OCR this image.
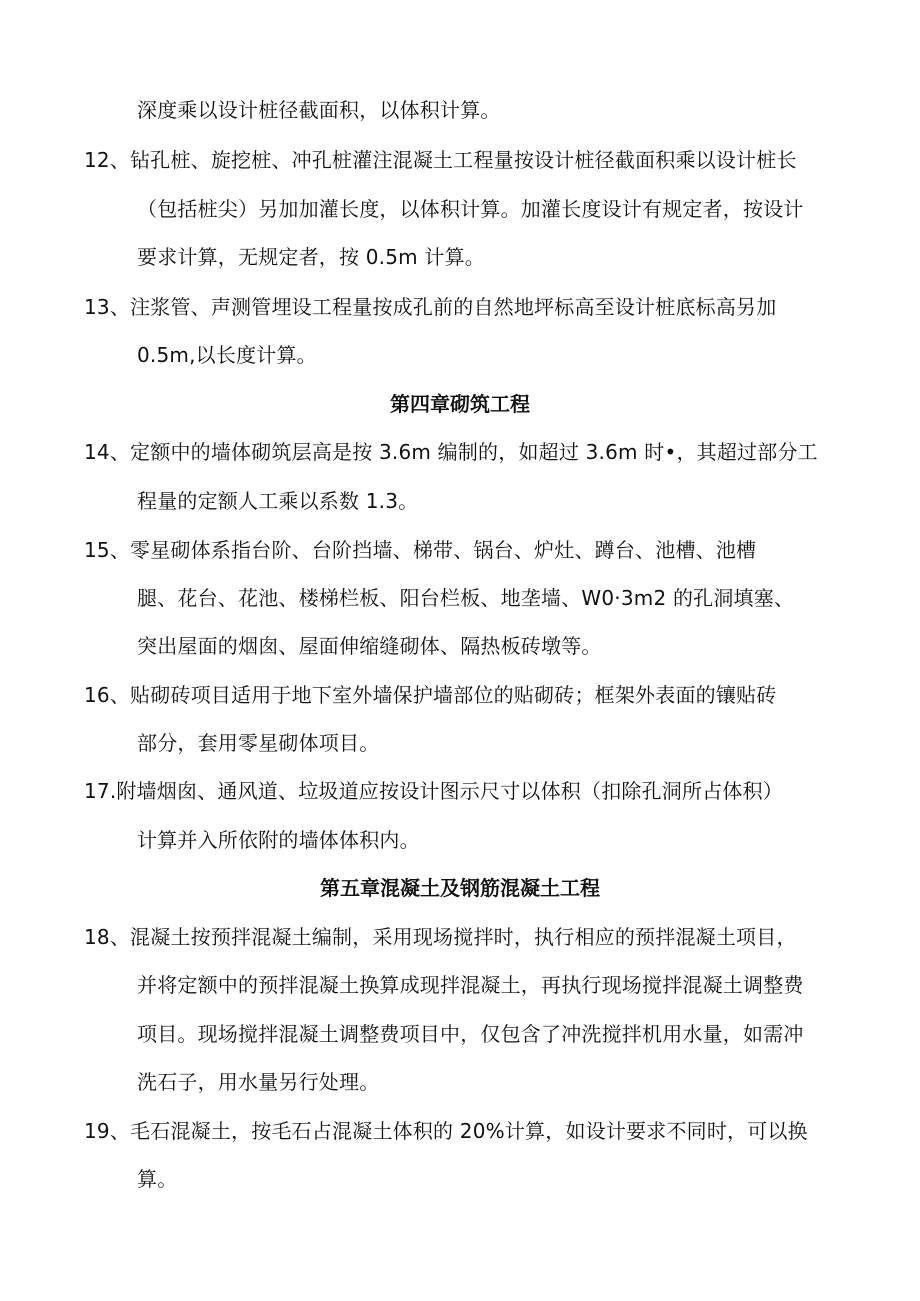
深度乘以设计桩径截面积，以体积计算。
12、钻孔桩、旋挖桩、冲孔桩灌注混凝土工程量按设计桩径截面积乘以设计桩长
（包括桩尖）另加加灌长度，以体积计算。加灌长度设计有规定者，按设计
要求计算，无规定者，按 0.5m 计算。
13、注浆管、声测管埋设工程量按成孔前的自然地坪标高至设计桩底标高另加
0.5m,以长度计算。
第四章砌筑工程
14、定额中的墙体砌筑层高是按 3.6m 编制的，如超过 3.6m 时•，其超过部分工
程量的定额人工乘以系数 1.3。
15、零星砌体系指台阶、台阶挡墙、梯带、锅台、炉灶、蹲台、池槽、池槽
腿、花台、花池、楼梯栏板、阳台栏板、地垄墙、W0·3m2 的孔洞填塞、
突出屋面的烟囱、屋面伸缩缝砌体、隔热板砖墩等。
16、贴砌砖项目适用于地下室外墙保护墙部位的贴砌砖；框架外表面的镶贴砖
部分，套用零星砌体项目。
17.附墙烟囱、通风道、垃圾道应按设计图示尺寸以体积（扣除孔洞所占体积）
计算并入所依附的墙体体积内。
第五章混凝土及钢筋混凝土工程
18、混凝土按预拌混凝土编制，采用现场搅拌时，执行相应的预拌混凝土项目，
并将定额中的预拌混凝土换算成现拌混凝土，再执行现场搅拌混凝土调整费
项目。现场搅拌混凝土调整费项目中，仅包含了冲洗搅拌机用水量，如需冲
洗石子，用水量另行处理。
19、毛石混凝土，按毛石占混凝土体积的 20%计算，如设计要求不同时，可以换
算。
